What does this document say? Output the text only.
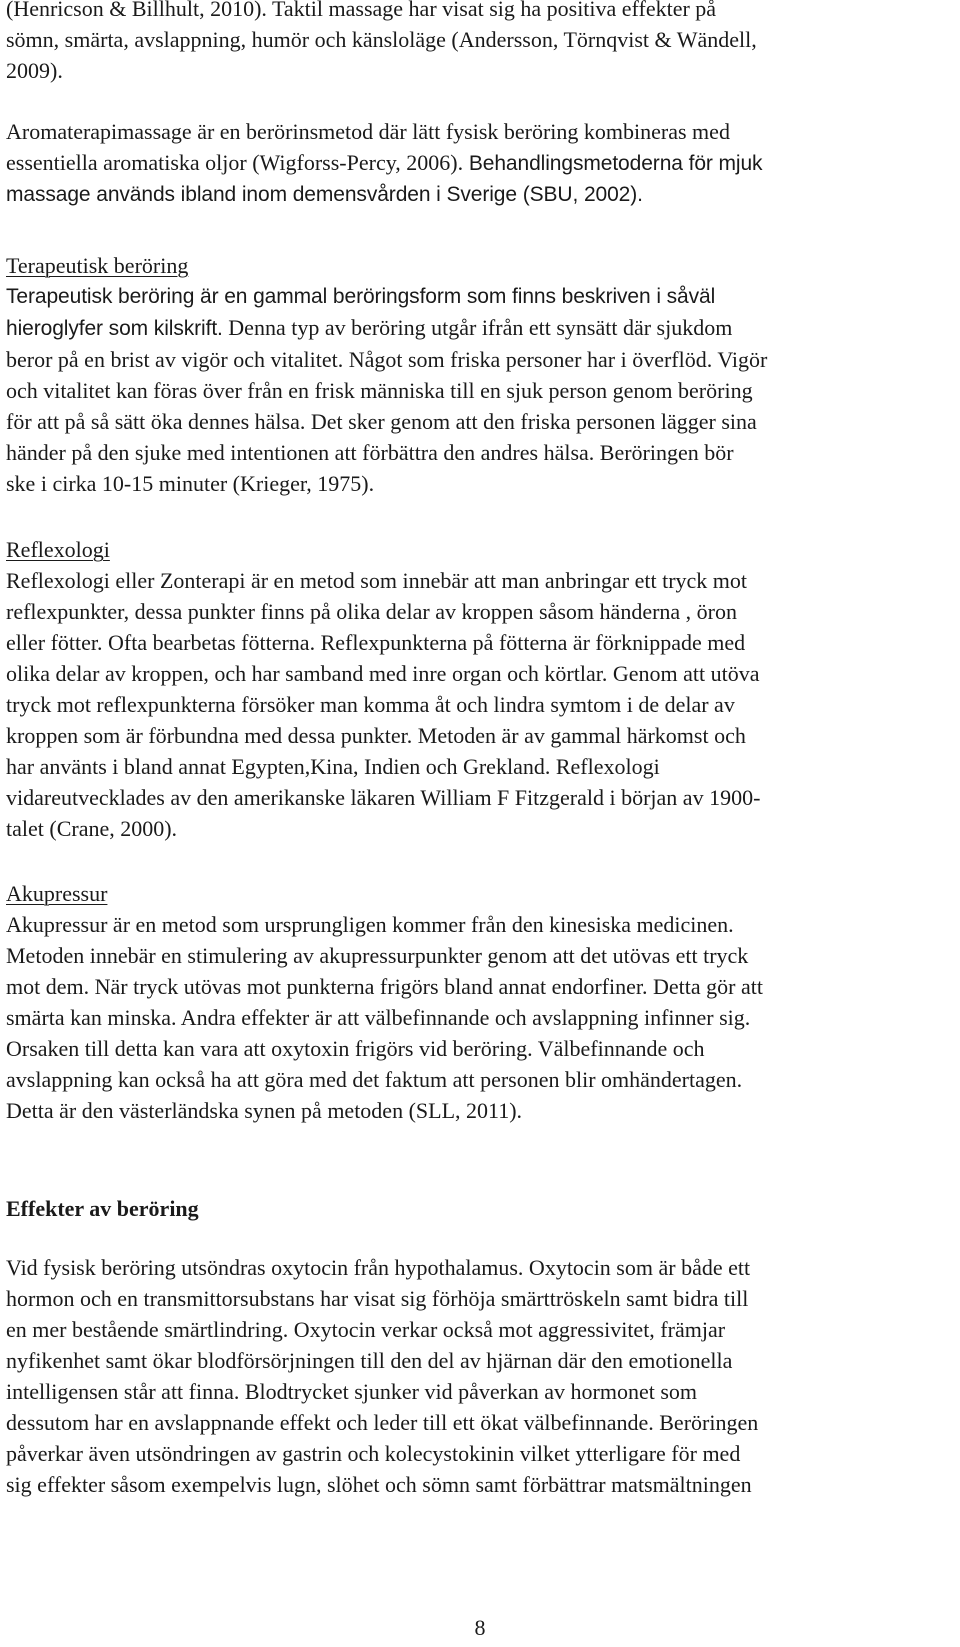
(Henricson & Billhult, 2010). Taktil massage har visat sig ha positiva effekter på

sömn, smärta, avslappning, humör och känsloläge (Andersson, Törnqvist & Wändell,

2009).

Aromaterapimassage är en berörinsmetod där lätt fysisk beröring kombineras med

essentiella aromatiska oljor (Wigforss-Percy, 2006). Behandlingsmetoderna för mjuk

massage används ibland inom demensvården i Sverige (SBU, 2002).

Terapeutisk beröring

Terapeutisk beröring är en gammal beröringsform som finns beskriven i såväl

hieroglyfer som kilskrift. Denna typ av beröring utgår ifrån ett synsätt där sjukdom

beror på en brist av vigör och vitalitet. Något som friska personer har i överflöd. Vigör

och vitalitet kan föras över från en frisk människa till en sjuk person genom beröring

för att på så sätt öka dennes hälsa. Det sker genom att den friska personen lägger sina

händer på den sjuke med intentionen att förbättra den andres hälsa. Beröringen bör

ske i cirka 10-15 minuter (Krieger, 1975).

Reflexologi

Reflexologi eller Zonterapi är en metod som innebär att man anbringar ett tryck mot

reflexpunkter, dessa punkter finns på olika delar av kroppen såsom händerna , öron

eller fötter. Ofta bearbetas fötterna. Reflexpunkterna på fötterna är förknippade med

olika delar av kroppen, och har samband med inre organ och körtlar. Genom att utöva

tryck mot reflexpunkterna försöker man komma åt och lindra symtom i de delar av

kroppen som är förbundna med dessa punkter. Metoden är av gammal härkomst och

har använts i bland annat Egypten,Kina, Indien och Grekland. Reflexologi

vidareutvecklades av den amerikanske läkaren William F Fitzgerald i början av 1900-

talet (Crane, 2000).

Akupressur

Akupressur är en metod som ursprungligen kommer från den kinesiska medicinen.

Metoden innebär en stimulering av akupressurpunkter genom att det utövas ett tryck

mot dem. När tryck utövas mot punkterna frigörs bland annat endorfiner. Detta gör att

smärta kan minska. Andra effekter är att välbefinnande och avslappning infinner sig.

Orsaken till detta kan vara att oxytoxin frigörs vid beröring. Välbefinnande och

avslappning kan också ha att göra med det faktum att personen blir omhändertagen.

Detta är den västerländska synen på metoden (SLL, 2011).

Effekter av beröring

Vid fysisk beröring utsöndras oxytocin från hypothalamus. Oxytocin som är både ett

hormon och en transmittorsubstans har visat sig förhöja smärttröskeln samt bidra till

en mer bestående smärtlindring. Oxytocin verkar också mot aggressivitet, främjar

nyfikenhet samt ökar blodförsörjningen till den del av hjärnan där den emotionella

intelligensen står att finna. Blodtrycket sjunker vid påverkan av hormonet som

dessutom har en avslappnande effekt och leder till ett ökat välbefinnande. Beröringen

påverkar även utsöndringen av gastrin och kolecystokinin vilket ytterligare för med

sig effekter såsom exempelvis lugn, slöhet och sömn samt förbättrar matsmältningen

8
